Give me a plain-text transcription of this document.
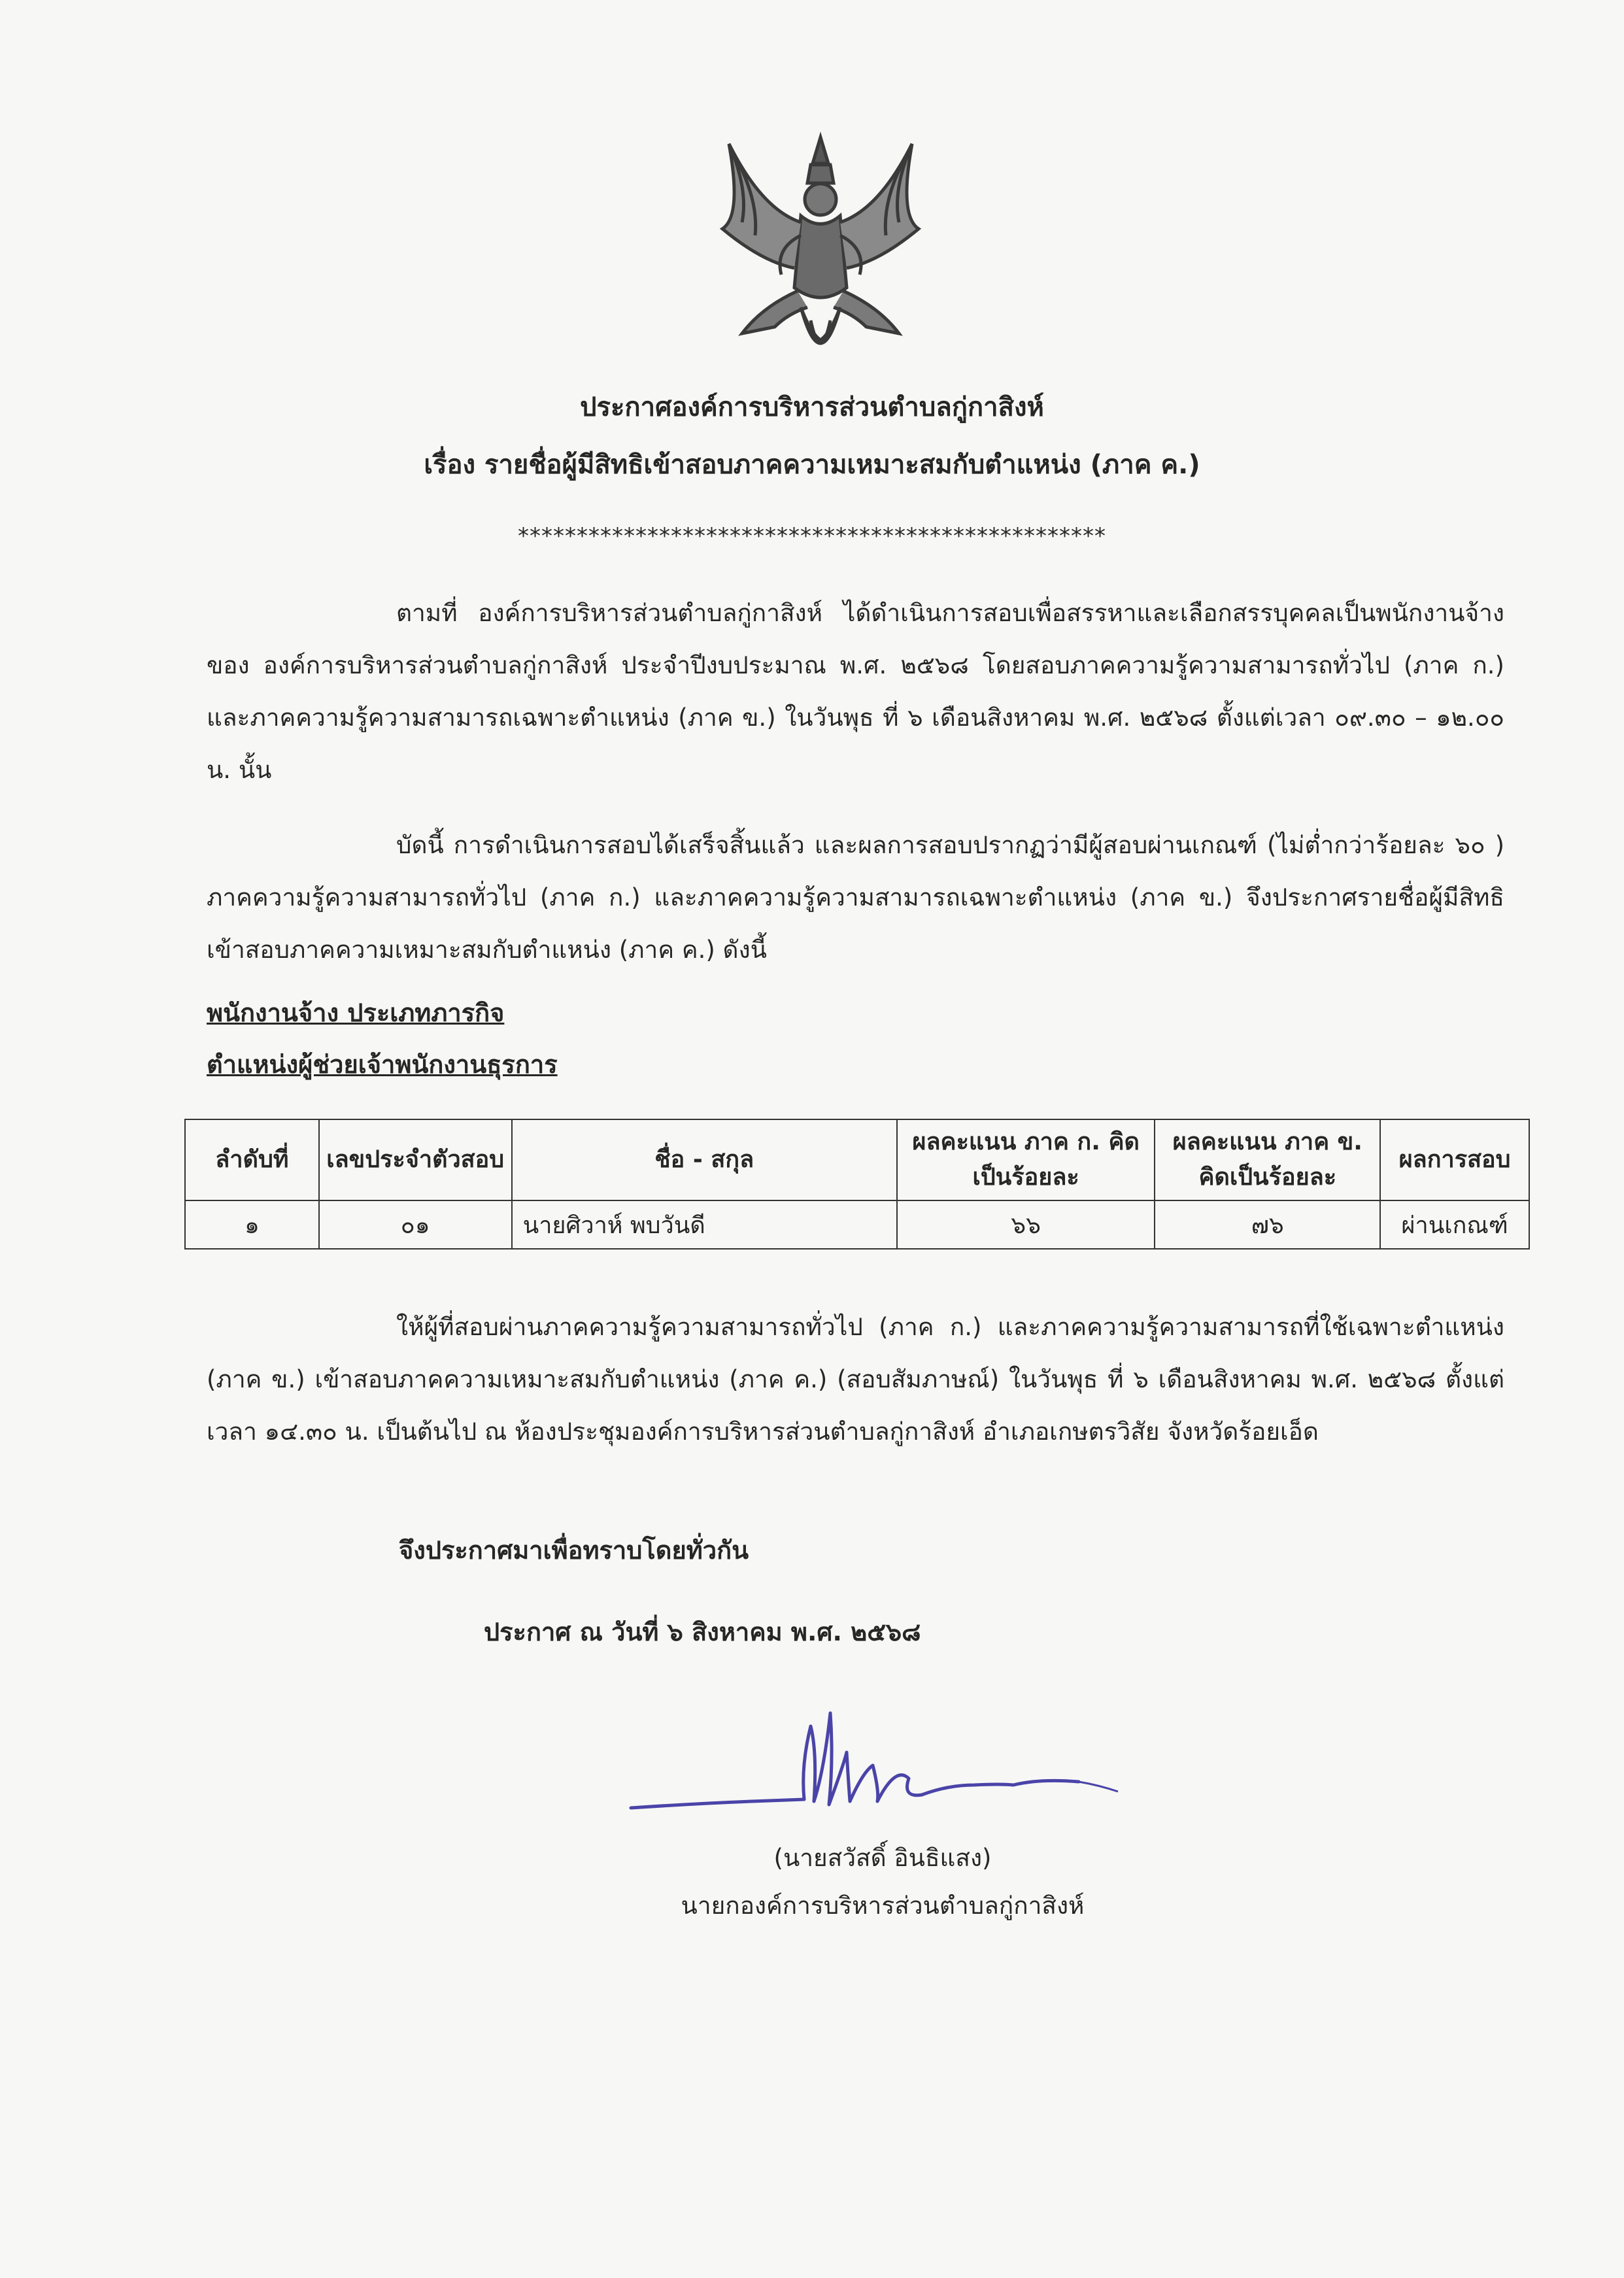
ประกาศองค์การบริหารส่วนตำบลกู่กาสิงห์
เรื่อง รายชื่อผู้มีสิทธิเข้าสอบภาคความเหมาะสมกับตำแหน่ง (ภาค ค.)
**************************************************
ตามที่ องค์การบริหารส่วนตำบลกู่กาสิงห์ ได้ดำเนินการสอบเพื่อสรรหาและเลือกสรรบุคคลเป็นพนักงานจ้างของ องค์การบริหารส่วนตำบลกู่กาสิงห์ ประจำปีงบประมาณ พ.ศ. ๒๕๖๘ โดยสอบภาคความรู้ความสามารถทั่วไป (ภาค ก.) และภาคความรู้ความสามารถเฉพาะตำแหน่ง (ภาค ข.) ในวันพุธ ที่ ๖ เดือนสิงหาคม พ.ศ. ๒๕๖๘ ตั้งแต่เวลา ๐๙.๓๐ – ๑๒.๐๐ น. นั้น
บัดนี้ การดำเนินการสอบได้เสร็จสิ้นแล้ว และผลการสอบปรากฏว่ามีผู้สอบผ่านเกณฑ์ (ไม่ต่ำกว่าร้อยละ ๖๐ ) ภาคความรู้ความสามารถทั่วไป (ภาค ก.) และภาคความรู้ความสามารถเฉพาะตำแหน่ง (ภาค ข.) จึงประกาศรายชื่อผู้มีสิทธิเข้าสอบภาคความเหมาะสมกับตำแหน่ง (ภาค ค.) ดังนี้
พนักงานจ้าง ประเภทภารกิจ
ตำแหน่งผู้ช่วยเจ้าพนักงานธุรการ
ลำดับที่	เลขประจำตัวสอบ	ชื่อ - สกุล	ผลคะแนน ภาค ก. คิดเป็นร้อยละ	ผลคะแนน ภาค ข. คิดเป็นร้อยละ	ผลการสอบ
๑	๐๑	นายศิวาห์ พบวันดี	๖๖	๗๖	ผ่านเกณฑ์
ให้ผู้ที่สอบผ่านภาคความรู้ความสามารถทั่วไป (ภาค ก.) และภาคความรู้ความสามารถที่ใช้เฉพาะตำแหน่ง (ภาค ข.) เข้าสอบภาคความเหมาะสมกับตำแหน่ง (ภาค ค.) (สอบสัมภาษณ์) ในวันพุธ ที่ ๖ เดือนสิงหาคม พ.ศ. ๒๕๖๘ ตั้งแต่เวลา ๑๔.๓๐ น. เป็นต้นไป ณ ห้องประชุมองค์การบริหารส่วนตำบลกู่กาสิงห์ อำเภอเกษตรวิสัย จังหวัดร้อยเอ็ด
จึงประกาศมาเพื่อทราบโดยทั่วกัน
ประกาศ ณ วันที่ ๖ สิงหาคม พ.ศ. ๒๕๖๘
(นายสวัสดิ์ อินธิแสง)
นายกองค์การบริหารส่วนตำบลกู่กาสิงห์
